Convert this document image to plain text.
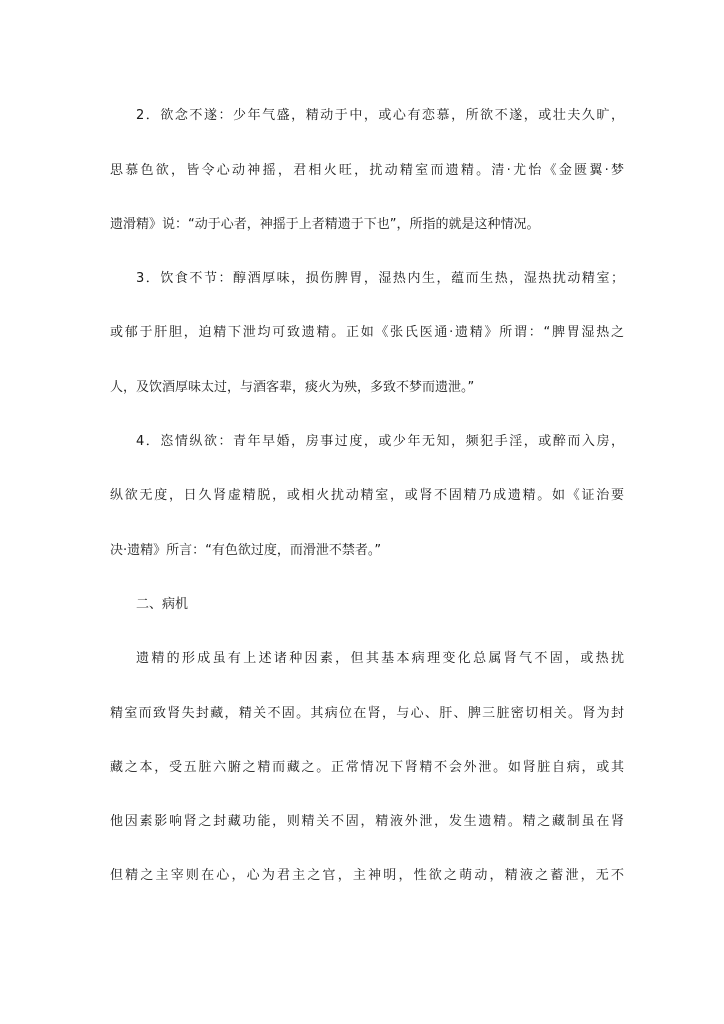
2．欲念不遂：少年气盛，精动于中，或心有恋慕，所欲不遂，或壮夫久旷，

思慕色欲，皆令心动神摇，君相火旺，扰动精室而遗精。清·尤怡《金匮翼·梦

遗滑精》说：“动于心者，神摇于上者精遗于下也”，所指的就是这种情况。

3．饮食不节：醇酒厚味，损伤脾胃，湿热内生，蕴而生热，湿热扰动精室；

或郁于肝胆，迫精下泄均可致遗精。正如《张氏医通·遗精》所谓：“脾胃湿热之

人，及饮酒厚味太过，与酒客辈，痰火为殃，多致不梦而遗泄。”

4．恣情纵欲：青年早婚，房事过度，或少年无知，频犯手淫，或醉而入房，

纵欲无度，日久肾虚精脱，或相火扰动精室，或肾不固精乃成遗精。如《证治要

决·遗精》所言：“有色欲过度，而滑泄不禁者。”

二、病机

遗精的形成虽有上述诸种因素，但其基本病理变化总属肾气不固，或热扰

精室而致肾失封藏，精关不固。其病位在肾，与心、肝、脾三脏密切相关。肾为封

藏之本，受五脏六腑之精而藏之。正常情况下肾精不会外泄。如肾脏自病，或其

他因素影响肾之封藏功能，则精关不固，精液外泄，发生遗精。精之藏制虽在肾

但精之主宰则在心，心为君主之官，主神明，性欲之萌动，精液之蓄泄，无不
